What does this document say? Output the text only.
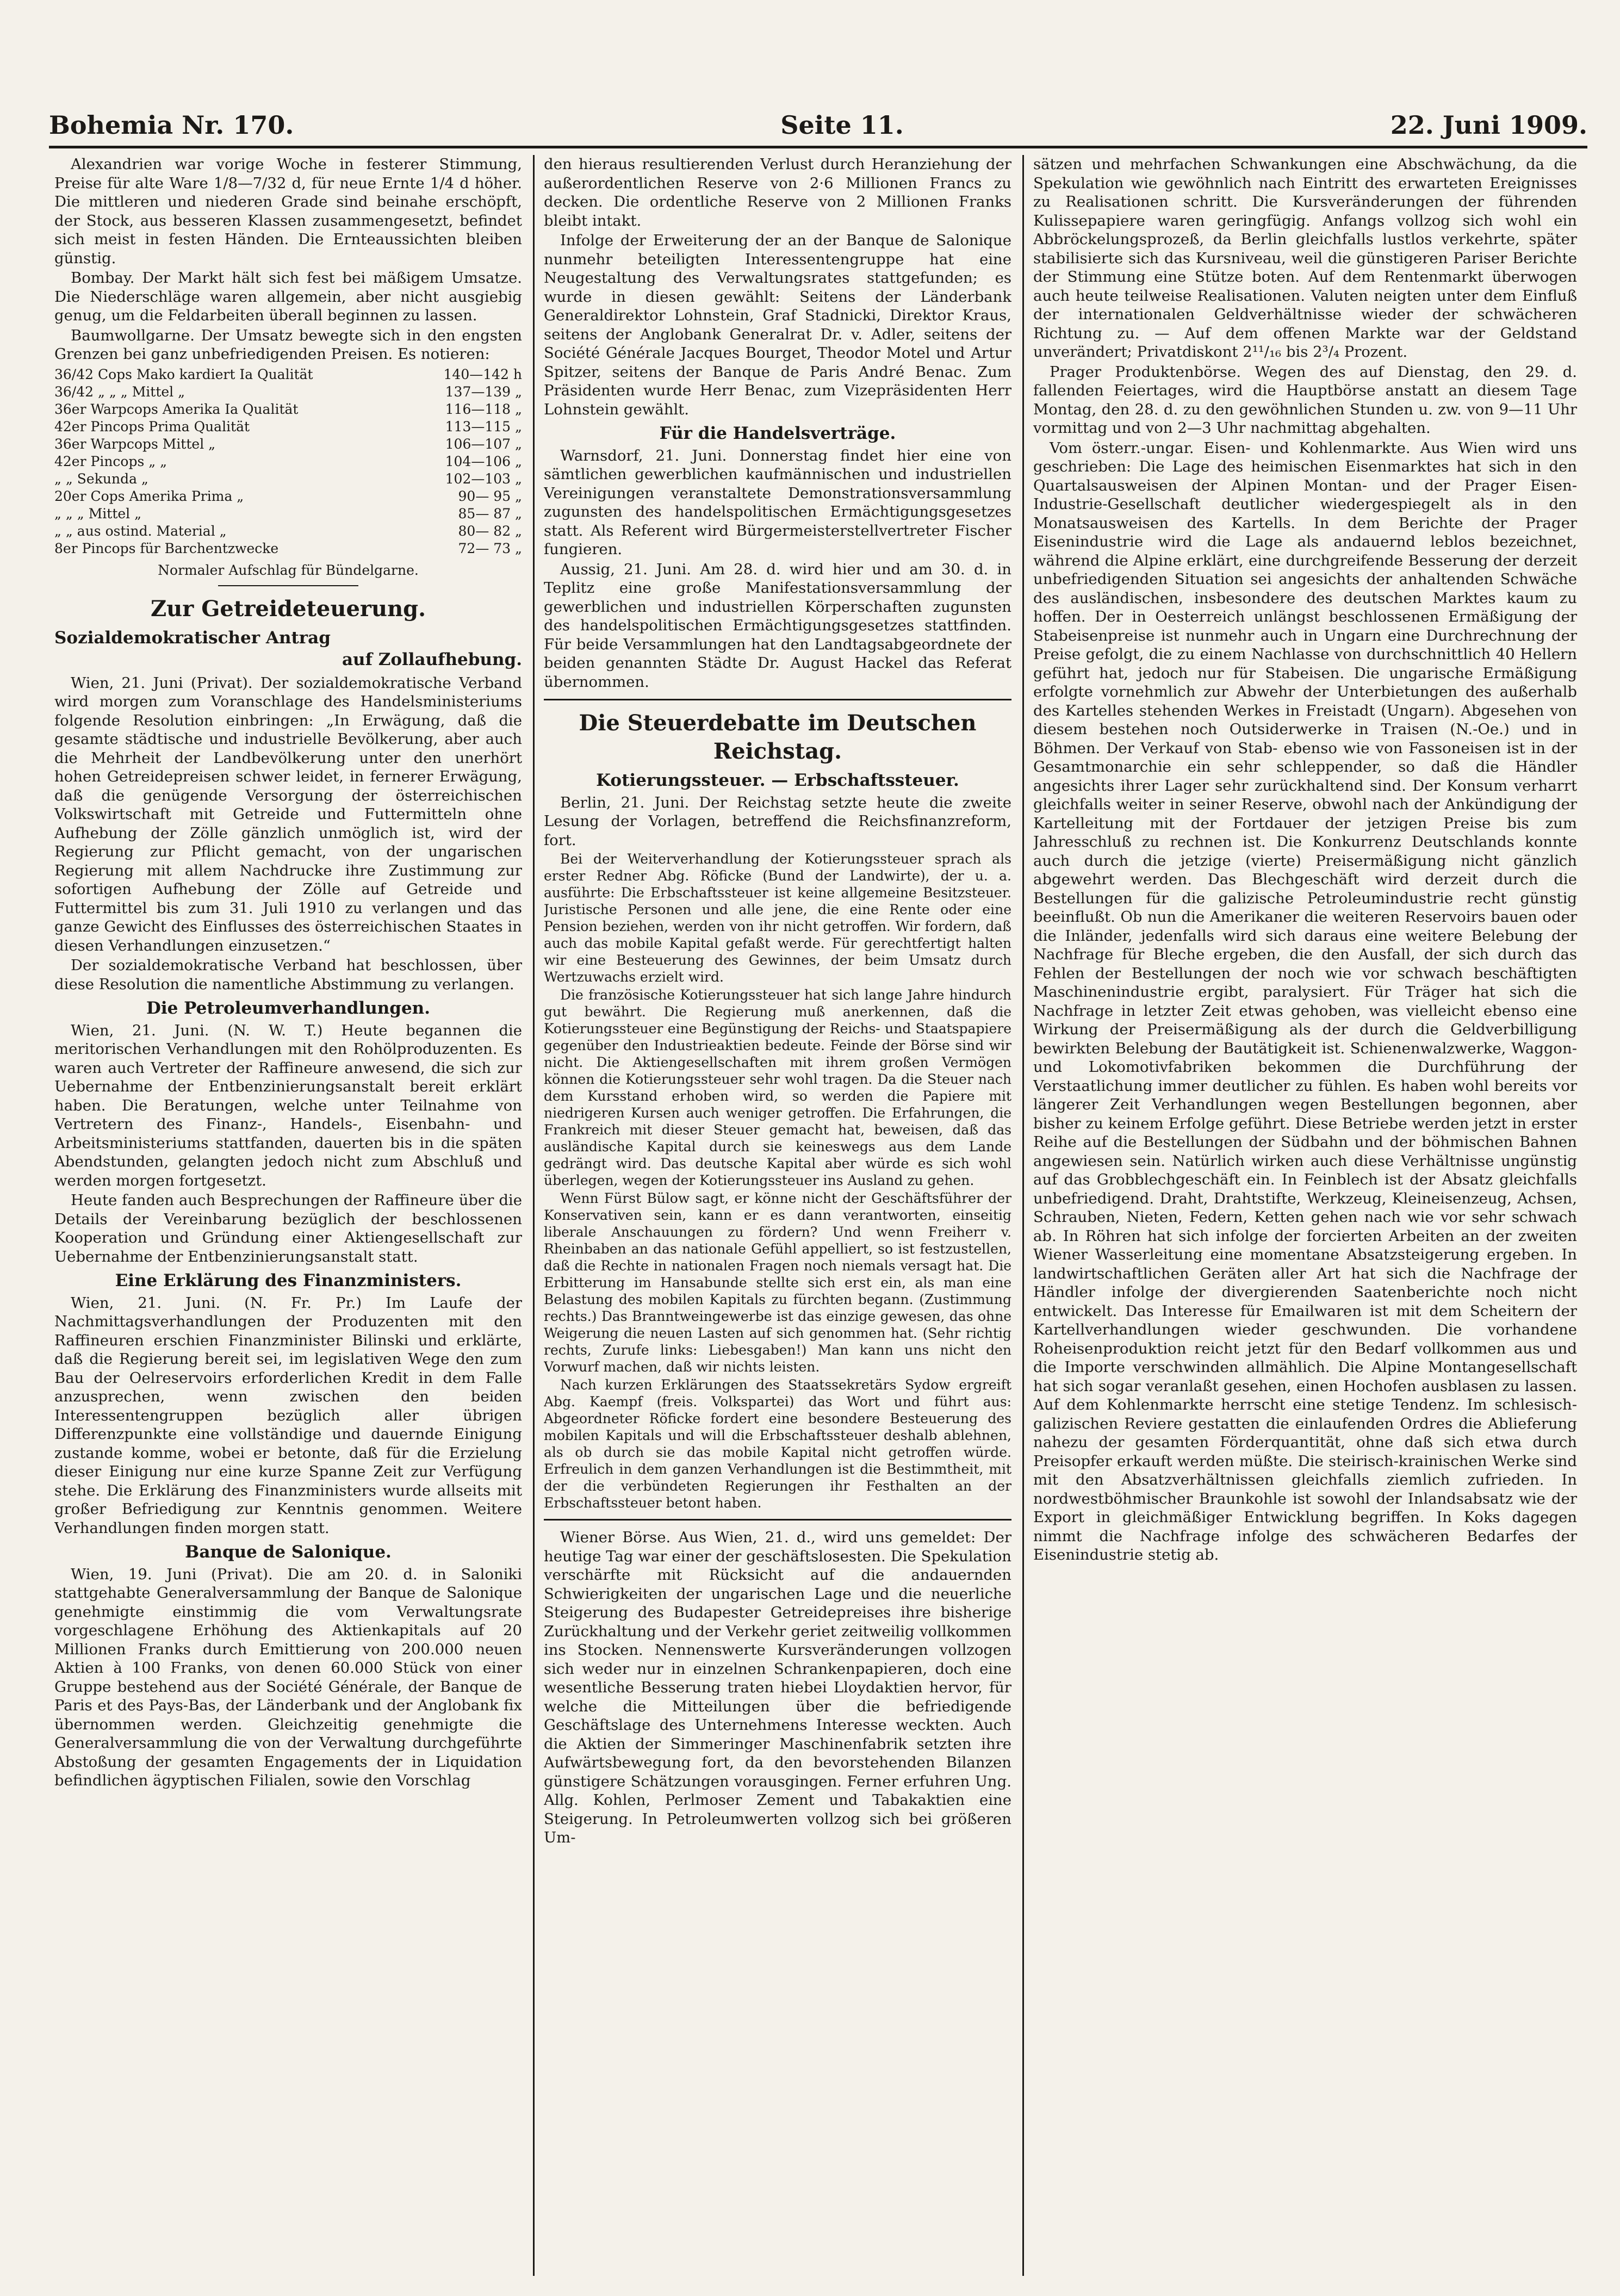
Bohemia Nr. 170.	Seite 11.	22. Juni 1909.

Alexandrien war vorige Woche in festerer Stimmung, Preise für alte Ware 1/8—7/32 d, für neue Ernte 1/4 d höher. Die mittleren und niederen Grade sind beinahe erschöpft, der Stock, aus besseren Klassen zusammengesetzt, befindet sich meist in festen Händen. Die Ernteaussichten bleiben günstig.

Bombay. Der Markt hält sich fest bei mäßigem Umsatze. Die Niederschläge waren allgemein, aber nicht ausgiebig genug, um die Feldarbeiten überall beginnen zu lassen.

Baumwollgarne. Der Umsatz bewegte sich in den engsten Grenzen bei ganz unbefriedigenden Preisen. Es notieren:

36/42 Cops Mako kardiert Ia Qualität	140—142 h
36/42 „ „ „ Mittel „	137—139 „
36er Warpcops Amerika Ia Qualität	116—118 „
42er Pincops Prima Qualität	113—115 „
36er Warpcops Mittel „	106—107 „
42er Pincops „ „	104—106 „
„ „ Sekunda „	102—103 „
20er Cops Amerika Prima „	90— 95 „
„ „ „ Mittel „	85— 87 „
„ „ aus ostind. Material „	80— 82 „
8er Pincops für Barchentzwecke	72— 73 „

Normaler Aufschlag für Bündelgarne.

Zur Getreideteuerung.
Sozialdemokratischer Antrag
auf Zollaufhebung.

Wien, 21. Juni (Privat). Der sozialdemokratische Verband wird morgen zum Voranschlage des Handelsministeriums folgende Resolution einbringen: „In Erwägung, daß die gesamte städtische und industrielle Bevölkerung, aber auch die Mehrheit der Landbevölkerung unter den unerhört hohen Getreidepreisen schwer leidet, in fernerer Erwägung, daß die genügende Versorgung der österreichischen Volkswirtschaft mit Getreide und Futtermitteln ohne Aufhebung der Zölle gänzlich unmöglich ist, wird der Regierung zur Pflicht gemacht, von der ungarischen Regierung mit allem Nachdrucke ihre Zustimmung zur sofortigen Aufhebung der Zölle auf Getreide und Futtermittel bis zum 31. Juli 1910 zu verlangen und das ganze Gewicht des Einflusses des österreichischen Staates in diesen Verhandlungen einzusetzen.“

Der sozialdemokratische Verband hat beschlossen, über diese Resolution die namentliche Abstimmung zu verlangen.

Die Petroleumverhandlungen.

Wien, 21. Juni. (N. W. T.) Heute begannen die meritorischen Verhandlungen mit den Rohölproduzenten. Es waren auch Vertreter der Raffineure anwesend, die sich zur Uebernahme der Entbenzinierungsanstalt bereit erklärt haben. Die Beratungen, welche unter Teilnahme von Vertretern des Finanz-, Handels-, Eisenbahn- und Arbeitsministeriums stattfanden, dauerten bis in die späten Abendstunden, gelangten jedoch nicht zum Abschluß und werden morgen fortgesetzt.

Heute fanden auch Besprechungen der Raffineure über die Details der Vereinbarung bezüglich der beschlossenen Kooperation und Gründung einer Aktiengesellschaft zur Uebernahme der Entbenzinierungsanstalt statt.

Eine Erklärung des Finanzministers.

Wien, 21. Juni. (N. Fr. Pr.) Im Laufe der Nachmittagsverhandlungen der Produzenten mit den Raffineuren erschien Finanzminister Bilinski und erklärte, daß die Regierung bereit sei, im legislativen Wege den zum Bau der Oelreservoirs erforderlichen Kredit in dem Falle anzusprechen, wenn zwischen den beiden Interessentengruppen bezüglich aller übrigen Differenzpunkte eine vollständige und dauernde Einigung zustande komme, wobei er betonte, daß für die Erzielung dieser Einigung nur eine kurze Spanne Zeit zur Verfügung stehe. Die Erklärung des Finanzministers wurde allseits mit großer Befriedigung zur Kenntnis genommen. Weitere Verhandlungen finden morgen statt.

Banque de Salonique.

Wien, 19. Juni (Privat). Die am 20. d. in Saloniki stattgehabte Generalversammlung der Banque de Salonique genehmigte einstimmig die vom Verwaltungsrate vorgeschlagene Erhöhung des Aktienkapitals auf 20 Millionen Franks durch Emittierung von 200.000 neuen Aktien à 100 Franks, von denen 60.000 Stück von einer Gruppe bestehend aus der Société Générale, der Banque de Paris et des Pays-Bas, der Länderbank und der Anglobank fix übernommen werden. Gleichzeitig genehmigte die Generalversammlung die von der Verwaltung durchgeführte Abstoßung der gesamten Engagements der in Liquidation befindlichen ägyptischen Filialen, sowie den Vorschlag

den hieraus resultierenden Verlust durch Heranziehung der außerordentlichen Reserve von 2·6 Millionen Francs zu decken. Die ordentliche Reserve von 2 Millionen Franks bleibt intakt.

Infolge der Erweiterung der an der Banque de Salonique nunmehr beteiligten Interessentengruppe hat eine Neugestaltung des Verwaltungsrates stattgefunden; es wurde in diesen gewählt: Seitens der Länderbank Generaldirektor Lohnstein, Graf Stadnicki, Direktor Kraus, seitens der Anglobank Generalrat Dr. v. Adler, seitens der Société Générale Jacques Bourget, Theodor Motel und Artur Spitzer, seitens der Banque de Paris André Benac. Zum Präsidenten wurde Herr Benac, zum Vizepräsidenten Herr Lohnstein gewählt.

Für die Handelsverträge.

Warnsdorf, 21. Juni. Donnerstag findet hier eine von sämtlichen gewerblichen kaufmännischen und industriellen Vereinigungen veranstaltete Demonstrationsversammlung zugunsten des handelspolitischen Ermächtigungsgesetzes statt. Als Referent wird Bürgermeisterstellvertreter Fischer fungieren.

Aussig, 21. Juni. Am 28. d. wird hier und am 30. d. in Teplitz eine große Manifestationsversammlung der gewerblichen und industriellen Körperschaften zugunsten des handelspolitischen Ermächtigungsgesetzes stattfinden. Für beide Versammlungen hat den Landtagsabgeordnete der beiden genannten Städte Dr. August Hackel das Referat übernommen.

Die Steuerdebatte im Deutschen Reichstag.
Kotierungssteuer. — Erbschaftssteuer.

Berlin, 21. Juni. Der Reichstag setzte heute die zweite Lesung der Vorlagen, betreffend die Reichsfinanzreform, fort.

Bei der Weiterverhandlung der Kotierungssteuer sprach als erster Redner Abg. Röficke (Bund der Landwirte), der u. a. ausführte: Die Erbschaftssteuer ist keine allgemeine Besitzsteuer. Juristische Personen und alle jene, die eine Rente oder eine Pension beziehen, werden von ihr nicht getroffen. Wir fordern, daß auch das mobile Kapital gefaßt werde. Für gerechtfertigt halten wir eine Besteuerung des Gewinnes, der beim Umsatz durch Wertzuwachs erzielt wird.

Die französische Kotierungssteuer hat sich lange Jahre hindurch gut bewährt. Die Regierung muß anerkennen, daß die Kotierungssteuer eine Begünstigung der Reichs- und Staatspapiere gegenüber den Industrieaktien bedeute. Feinde der Börse sind wir nicht. Die Aktiengesellschaften mit ihrem großen Vermögen können die Kotierungssteuer sehr wohl tragen. Da die Steuer nach dem Kursstand erhoben wird, so werden die Papiere mit niedrigeren Kursen auch weniger getroffen. Die Erfahrungen, die Frankreich mit dieser Steuer gemacht hat, beweisen, daß das ausländische Kapital durch sie keineswegs aus dem Lande gedrängt wird. Das deutsche Kapital aber würde es sich wohl überlegen, wegen der Kotierungssteuer ins Ausland zu gehen.

Wenn Fürst Bülow sagt, er könne nicht der Geschäftsführer der Konservativen sein, kann er es dann verantworten, einseitig liberale Anschauungen zu fördern? Und wenn Freiherr v. Rheinbaben an das nationale Gefühl appelliert, so ist festzustellen, daß die Rechte in nationalen Fragen noch niemals versagt hat. Die Erbitterung im Hansabunde stellte sich erst ein, als man eine Belastung des mobilen Kapitals zu fürchten begann. (Zustimmung rechts.) Das Branntweingewerbe ist das einzige gewesen, das ohne Weigerung die neuen Lasten auf sich genommen hat. (Sehr richtig rechts, Zurufe links: Liebesgaben!) Man kann uns nicht den Vorwurf machen, daß wir nichts leisten.

Nach kurzen Erklärungen des Staatssekretärs Sydow ergreift Abg. Kaempf (freis. Volkspartei) das Wort und führt aus: Abgeordneter Röficke fordert eine besondere Besteuerung des mobilen Kapitals und will die Erbschaftssteuer deshalb ablehnen, als ob durch sie das mobile Kapital nicht getroffen würde. Erfreulich in dem ganzen Verhandlungen ist die Bestimmtheit, mit der die verbündeten Regierungen ihr Festhalten an der Erbschaftssteuer betont haben.

Wiener Börse. Aus Wien, 21. d., wird uns gemeldet: Der heutige Tag war einer der geschäftslosesten. Die Spekulation verschärfte mit Rücksicht auf die andauernden Schwierigkeiten der ungarischen Lage und die neuerliche Steigerung des Budapester Getreidepreises ihre bisherige Zurückhaltung und der Verkehr geriet zeitweilig vollkommen ins Stocken. Nennenswerte Kursveränderungen vollzogen sich weder nur in einzelnen Schrankenpapieren, doch eine wesentliche Besserung traten hiebei Lloydaktien hervor, für welche die Mitteilungen über die befriedigende Geschäftslage des Unternehmens Interesse weckten. Auch die Aktien der Simmeringer Maschinenfabrik setzten ihre Aufwärtsbewegung fort, da den bevorstehenden Bilanzen günstigere Schätzungen vorausgingen. Ferner erfuhren Ung. Allg. Kohlen, Perlmoser Zement und Tabakaktien eine Steigerung. In Petroleumwerten vollzog sich bei größeren Um-

sätzen und mehrfachen Schwankungen eine Abschwächung, da die Spekulation wie gewöhnlich nach Eintritt des erwarteten Ereignisses zu Realisationen schritt. Die Kursveränderungen der führenden Kulissepapiere waren geringfügig. Anfangs vollzog sich wohl ein Abbröckelungsprozeß, da Berlin gleichfalls lustlos verkehrte, später stabilisierte sich das Kursniveau, weil die günstigeren Pariser Berichte der Stimmung eine Stütze boten. Auf dem Rentenmarkt überwogen auch heute teilweise Realisationen. Valuten neigten unter dem Einfluß der internationalen Geldverhältnisse wieder der schwächeren Richtung zu. — Auf dem offenen Markte war der Geldstand unverändert; Privatdiskont 2¹¹/₁₆ bis 2³/₄ Prozent.

Prager Produktenbörse. Wegen des auf Dienstag, den 29. d. fallenden Feiertages, wird die Hauptbörse anstatt an diesem Tage Montag, den 28. d. zu den gewöhnlichen Stunden u. zw. von 9—11 Uhr vormittag und von 2—3 Uhr nachmittag abgehalten.

Vom österr.-ungar. Eisen- und Kohlenmarkte. Aus Wien wird uns geschrieben: Die Lage des heimischen Eisenmarktes hat sich in den Quartalsausweisen der Alpinen Montan- und der Prager Eisen-Industrie-Gesellschaft deutlicher wiedergespiegelt als in den Monatsausweisen des Kartells. In dem Berichte der Prager Eisenindustrie wird die Lage als andauernd leblos bezeichnet, während die Alpine erklärt, eine durchgreifende Besserung der derzeit unbefriedigenden Situation sei angesichts der anhaltenden Schwäche des ausländischen, insbesondere des deutschen Marktes kaum zu hoffen. Der in Oesterreich unlängst beschlossenen Ermäßigung der Stabeisenpreise ist nunmehr auch in Ungarn eine Durchrechnung der Preise gefolgt, die zu einem Nachlasse von durchschnittlich 40 Hellern geführt hat, jedoch nur für Stabeisen. Die ungarische Ermäßigung erfolgte vornehmlich zur Abwehr der Unterbietungen des außerhalb des Kartelles stehenden Werkes in Freistadt (Ungarn). Abgesehen von diesem bestehen noch Outsiderwerke in Traisen (N.-Oe.) und in Böhmen. Der Verkauf von Stab- ebenso wie von Fassoneisen ist in der Gesamtmonarchie ein sehr schleppender, so daß die Händler angesichts ihrer Lager sehr zurückhaltend sind. Der Konsum verharrt gleichfalls weiter in seiner Reserve, obwohl nach der Ankündigung der Kartelleitung mit der Fortdauer der jetzigen Preise bis zum Jahresschluß zu rechnen ist. Die Konkurrenz Deutschlands konnte auch durch die jetzige (vierte) Preisermäßigung nicht gänzlich abgewehrt werden. Das Blechgeschäft wird derzeit durch die Bestellungen für die galizische Petroleumindustrie recht günstig beeinflußt. Ob nun die Amerikaner die weiteren Reservoirs bauen oder die Inländer, jedenfalls wird sich daraus eine weitere Belebung der Nachfrage für Bleche ergeben, die den Ausfall, der sich durch das Fehlen der Bestellungen der noch wie vor schwach beschäftigten Maschinenindustrie ergibt, paralysiert. Für Träger hat sich die Nachfrage in letzter Zeit etwas gehoben, was vielleicht ebenso eine Wirkung der Preisermäßigung als der durch die Geldverbilligung bewirkten Belebung der Bautätigkeit ist. Schienenwalzwerke, Waggon- und Lokomotivfabriken bekommen die Durchführung der Verstaatlichung immer deutlicher zu fühlen. Es haben wohl bereits vor längerer Zeit Verhandlungen wegen Bestellungen begonnen, aber bisher zu keinem Erfolge geführt. Diese Betriebe werden jetzt in erster Reihe auf die Bestellungen der Südbahn und der böhmischen Bahnen angewiesen sein. Natürlich wirken auch diese Verhältnisse ungünstig auf das Grobblechgeschäft ein. In Feinblech ist der Absatz gleichfalls unbefriedigend. Draht, Drahtstifte, Werkzeug, Kleineisenzeug, Achsen, Schrauben, Nieten, Federn, Ketten gehen nach wie vor sehr schwach ab. In Röhren hat sich infolge der forcierten Arbeiten an der zweiten Wiener Wasserleitung eine momentane Absatzsteigerung ergeben. In landwirtschaftlichen Geräten aller Art hat sich die Nachfrage der Händler infolge der divergierenden Saatenberichte noch nicht entwickelt. Das Interesse für Emailwaren ist mit dem Scheitern der Kartellverhandlungen wieder geschwunden. Die vorhandene Roheisenproduktion reicht jetzt für den Bedarf vollkommen aus und die Importe verschwinden allmählich. Die Alpine Montangesellschaft hat sich sogar veranlaßt gesehen, einen Hochofen ausblasen zu lassen. Auf dem Kohlenmarkte herrscht eine stetige Tendenz. Im schlesisch-galizischen Reviere gestatten die einlaufenden Ordres die Ablieferung nahezu der gesamten Förderquantität, ohne daß sich etwa durch Preisopfer erkauft werden müßte. Die steirisch-krainischen Werke sind mit den Absatzverhältnissen gleichfalls ziemlich zufrieden. In nordwestböhmischer Braunkohle ist sowohl der Inlandsabsatz wie der Export in gleichmäßiger Entwicklung begriffen. In Koks dagegen nimmt die Nachfrage infolge des schwächeren Bedarfes der Eisenindustrie stetig ab.
